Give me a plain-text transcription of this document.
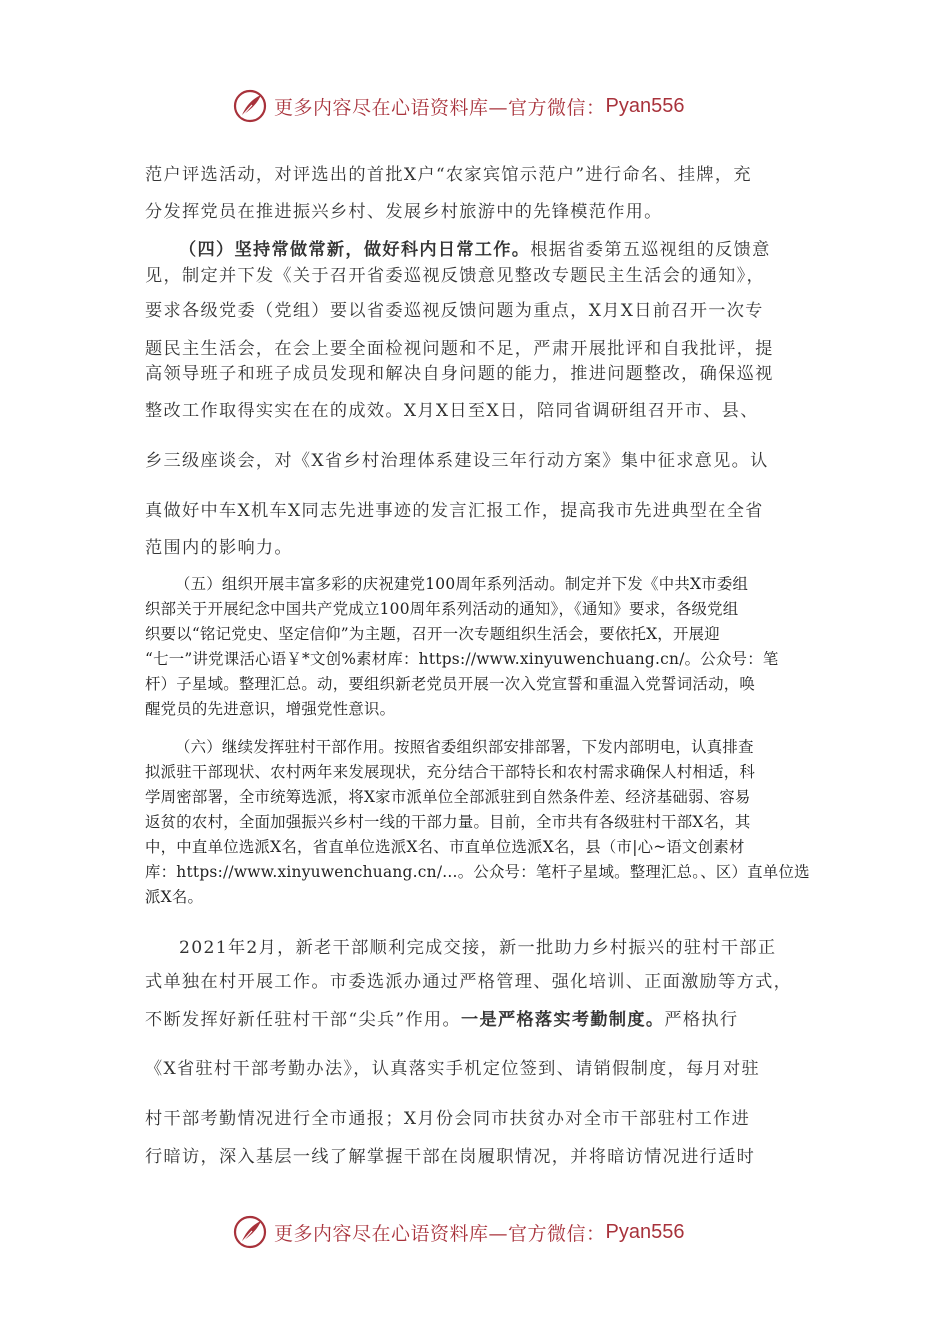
更多内容尽在心语资料库—官方微信： Pyan556
范户评选活动，对评选出的首批Ⅹ户“农家宾馆示范户”进行命名、挂牌，充
分发挥党员在推进振兴乡村、发展乡村旅游中的先锋模范作用。
（四）坚持常做常新，做好科内日常工作。根据省委第五巡视组的反馈意
见，制定并下发《关于召开省委巡视反馈意见整改专题民主生活会的通知》，
要求各级党委（党组）要以省委巡视反馈问题为重点，Ⅹ月Ⅹ日前召开一次专
题民主生活会，在会上要全面检视问题和不足，严肃开展批评和自我批评，提
高领导班子和班子成员发现和解决自身问题的能力，推进问题整改，确保巡视
整改工作取得实实在在的成效。Ⅹ月Ⅹ日至Ⅹ日，陪同省调研组召开市、县、
乡三级座谈会，对《Ⅹ省乡村治理体系建设三年行动方案》集中征求意见。认
真做好中车Ⅹ机车Ⅹ同志先进事迹的发言汇报工作，提高我市先进典型在全省
范围内的影响力。
（五）组织开展丰富多彩的庆祝建党100周年系列活动。制定并下发《中共X市委组
织部关于开展纪念中国共产党成立100周年系列活动的通知》，《通知》要求，各级党组
织要以“铭记党史、坚定信仰”为主题，召开一次专题组织生活会，要依托X，开展迎
“七一”讲党课活心语￥*文创%素材库：https://www.xinyuwenchuang.cn/。公众号：笔
杆）子星域。整理汇总。动，要组织新老党员开展一次入党宣誓和重温入党誓词活动，唤
醒党员的先进意识，增强党性意识。
（六）继续发挥驻村干部作用。按照省委组织部安排部署，下发内部明电，认真排查
拟派驻干部现状、农村两年来发展现状，充分结合干部特长和农村需求确保人村相适，科
学周密部署，全市统筹选派，将X家市派单位全部派驻到自然条件差、经济基础弱、容易
返贫的农村，全面加强振兴乡村一线的干部力量。目前，全市共有各级驻村干部X名，其
中，中直单位选派X名，省直单位选派X名、市直单位选派X名，县（市|心~语文创素材
库：https://www.xinyuwenchuang.cn/...。公众号：笔杆子星域。整理汇总。、区）直单位选
派X名。
2021年2月，新老干部顺利完成交接，新一批助力乡村振兴的驻村干部正
式单独在村开展工作。市委选派办通过严格管理、强化培训、正面激励等方式，
不断发挥好新任驻村干部“尖兵”作用。一是严格落实考勤制度。严格执行
《Ⅹ省驻村干部考勤办法》，认真落实手机定位签到、请销假制度，每月对驻
村干部考勤情况进行全市通报；Ⅹ月份会同市扶贫办对全市干部驻村工作进
行暗访，深入基层一线了解掌握干部在岗履职情况，并将暗访情况进行适时
更多内容尽在心语资料库—官方微信： Pyan556
